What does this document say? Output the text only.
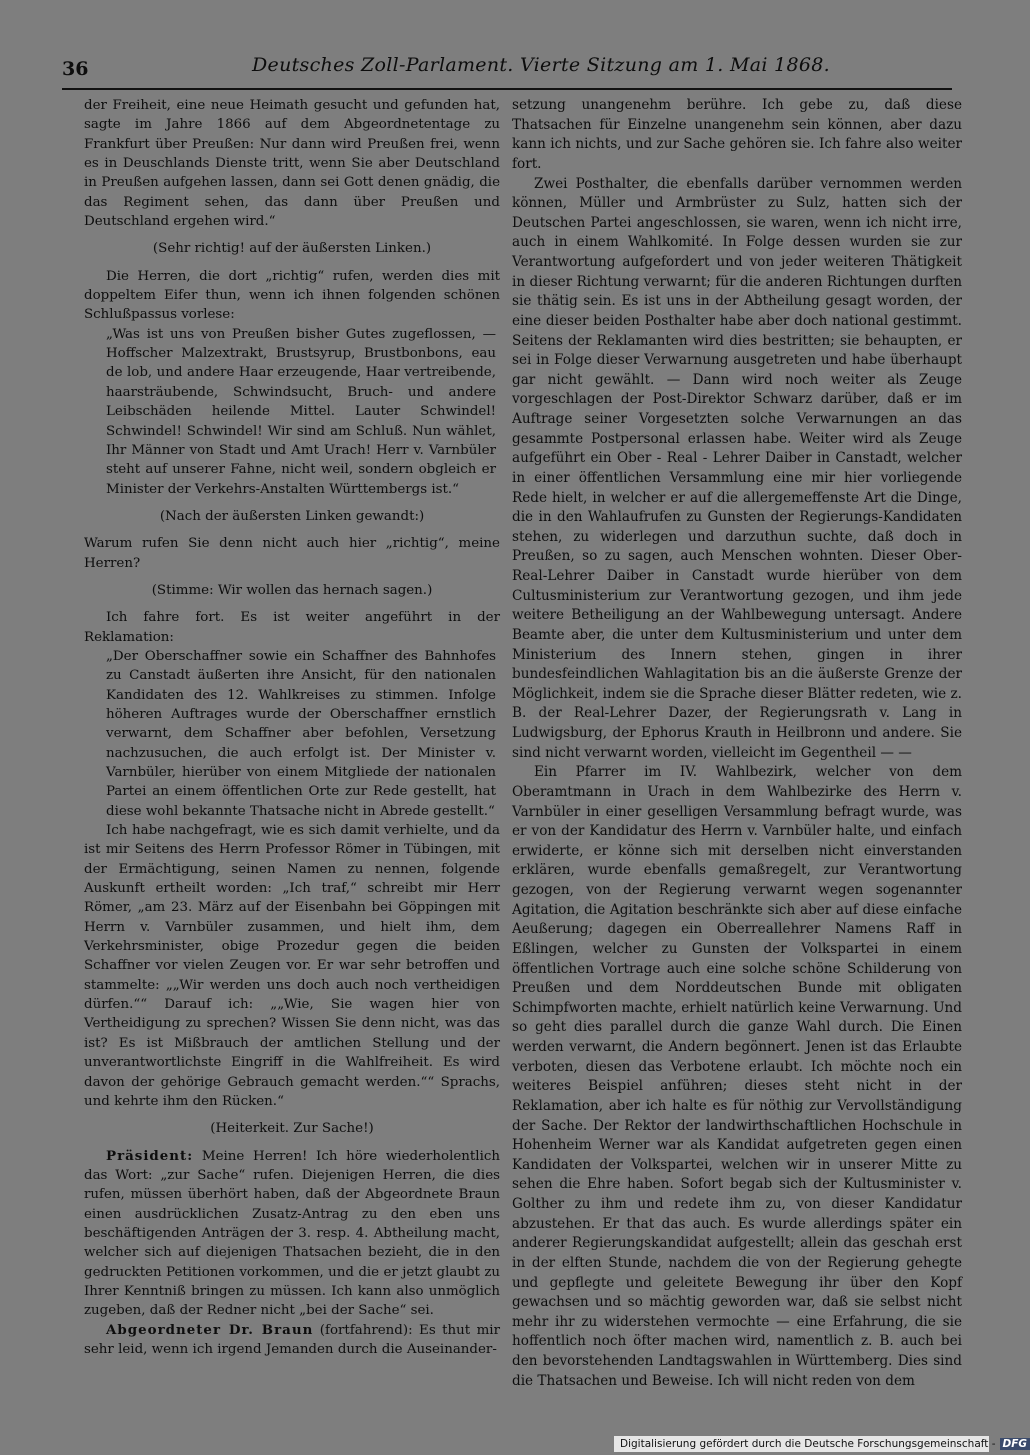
36	Deutsches Zoll-Parlament. Vierte Sitzung am 1. Mai 1868.

der Freiheit, eine neue Heimath gesucht und gefunden hat, sagte im Jahre 1866 auf dem Abgeordnetentage zu Frankfurt über Preußen: Nur dann wird Preußen frei, wenn es in Deuschlands Dienste tritt, wenn Sie aber Deutschland in Preußen aufgehen lassen, dann sei Gott denen gnädig, die das Regiment sehen, das dann über Preußen und Deutschland ergehen wird.“

(Sehr richtig! auf der äußersten Linken.)

Die Herren, die dort „richtig“ rufen, werden dies mit doppeltem Eifer thun, wenn ich ihnen folgenden schönen Schlußpassus vorlese:

„Was ist uns von Preußen bisher Gutes zugeflossen, — Hoffscher Malzextrakt, Brustsyrup, Brustbonbons, eau de lob, und andere Haar erzeugende, Haar vertreibende, haarsträubende, Schwindsucht, Bruch- und andere Leibschäden heilende Mittel. Lauter Schwindel! Schwindel! Schwindel! Wir sind am Schluß. Nun wählet, Ihr Männer von Stadt und Amt Urach! Herr v. Varnbüler steht auf unserer Fahne, nicht weil, sondern obgleich er Minister der Verkehrs-Anstalten Württembergs ist.“

(Nach der äußersten Linken gewandt:)

Warum rufen Sie denn nicht auch hier „richtig“, meine Herren?

(Stimme: Wir wollen das hernach sagen.)

Ich fahre fort. Es ist weiter angeführt in der Reklamation:

„Der Oberschaffner sowie ein Schaffner des Bahnhofes zu Canstadt äußerten ihre Ansicht, für den nationalen Kandidaten des 12. Wahlkreises zu stimmen. Infolge höheren Auftrages wurde der Oberschaffner ernstlich verwarnt, dem Schaffner aber befohlen, Versetzung nachzusuchen, die auch erfolgt ist. Der Minister v. Varnbüler, hierüber von einem Mitgliede der nationalen Partei an einem öffentlichen Orte zur Rede gestellt, hat diese wohl bekannte Thatsache nicht in Abrede gestellt.“

Ich habe nachgefragt, wie es sich damit verhielte, und da ist mir Seitens des Herrn Professor Römer in Tübingen, mit der Ermächtigung, seinen Namen zu nennen, folgende Auskunft ertheilt worden: „Ich traf,“ schreibt mir Herr Römer, „am 23. März auf der Eisenbahn bei Göppingen mit Herrn v. Varnbüler zusammen, und hielt ihm, dem Verkehrsminister, obige Prozedur gegen die beiden Schaffner vor vielen Zeugen vor. Er war sehr betroffen und stammelte: „„Wir werden uns doch auch noch vertheidigen dürfen.““ Darauf ich: „„Wie, Sie wagen hier von Vertheidigung zu sprechen? Wissen Sie denn nicht, was das ist? Es ist Mißbrauch der amtlichen Stellung und der unverantwortlichste Eingriff in die Wahlfreiheit. Es wird davon der gehörige Gebrauch gemacht werden.““ Sprachs, und kehrte ihm den Rücken.“

(Heiterkeit. Zur Sache!)

Präsident: Meine Herren! Ich höre wiederholentlich das Wort: „zur Sache“ rufen. Diejenigen Herren, die dies rufen, müssen überhört haben, daß der Abgeordnete Braun einen ausdrücklichen Zusatz-Antrag zu den eben uns beschäftigenden Anträgen der 3. resp. 4. Abtheilung macht, welcher sich auf diejenigen Thatsachen bezieht, die in den gedruckten Petitionen vorkommen, und die er jetzt glaubt zu Ihrer Kenntniß bringen zu müssen. Ich kann also unmöglich zugeben, daß der Redner nicht „bei der Sache“ sei.

Abgeordneter Dr. Braun (fortfahrend): Es thut mir sehr leid, wenn ich irgend Jemanden durch die Auseinander-

setzung unangenehm berühre. Ich gebe zu, daß diese Thatsachen für Einzelne unangenehm sein können, aber dazu kann ich nichts, und zur Sache gehören sie. Ich fahre also weiter fort.

Zwei Posthalter, die ebenfalls darüber vernommen werden können, Müller und Armbrüster zu Sulz, hatten sich der Deutschen Partei angeschlossen, sie waren, wenn ich nicht irre, auch in einem Wahlkomité. In Folge dessen wurden sie zur Verantwortung aufgefordert und von jeder weiteren Thätigkeit in dieser Richtung verwarnt; für die anderen Richtungen durften sie thätig sein. Es ist uns in der Abtheilung gesagt worden, der eine dieser beiden Posthalter habe aber doch national gestimmt. Seitens der Reklamanten wird dies bestritten; sie behaupten, er sei in Folge dieser Verwarnung ausgetreten und habe überhaupt gar nicht gewählt. — Dann wird noch weiter als Zeuge vorgeschlagen der Post-Direktor Schwarz darüber, daß er im Auftrage seiner Vorgesetzten solche Verwarnungen an das gesammte Postpersonal erlassen habe. Weiter wird als Zeuge aufgeführt ein Ober - Real - Lehrer Daiber in Canstadt, welcher in einer öffentlichen Versammlung eine mir hier vorliegende Rede hielt, in welcher er auf die allergemeffenste Art die Dinge, die in den Wahlaufrufen zu Gunsten der Regierungs-Kandidaten stehen, zu widerlegen und darzuthun suchte, daß doch in Preußen, so zu sagen, auch Menschen wohnten. Dieser Ober-Real-Lehrer Daiber in Canstadt wurde hierüber von dem Cultusministerium zur Verantwortung gezogen, und ihm jede weitere Betheiligung an der Wahlbewegung untersagt. Andere Beamte aber, die unter dem Kultusministerium und unter dem Ministerium des Innern stehen, gingen in ihrer bundesfeindlichen Wahlagitation bis an die äußerste Grenze der Möglichkeit, indem sie die Sprache dieser Blätter redeten, wie z. B. der Real-Lehrer Dazer, der Regierungsrath v. Lang in Ludwigsburg, der Ephorus Krauth in Heilbronn und andere. Sie sind nicht verwarnt worden, vielleicht im Gegentheil — —

Ein Pfarrer im IV. Wahlbezirk, welcher von dem Oberamtmann in Urach in dem Wahlbezirke des Herrn v. Varnbüler in einer geselligen Versammlung befragt wurde, was er von der Kandidatur des Herrn v. Varnbüler halte, und einfach erwiderte, er könne sich mit derselben nicht einverstanden erklären, wurde ebenfalls gemaßregelt, zur Verantwortung gezogen, von der Regierung verwarnt wegen sogenannter Agitation, die Agitation beschränkte sich aber auf diese einfache Aeußerung; dagegen ein Oberreallehrer Namens Raff in Eßlingen, welcher zu Gunsten der Volkspartei in einem öffentlichen Vortrage auch eine solche schöne Schilderung von Preußen und dem Norddeutschen Bunde mit obligaten Schimpfworten machte, erhielt natürlich keine Verwarnung. Und so geht dies parallel durch die ganze Wahl durch. Die Einen werden verwarnt, die Andern begönnert. Jenen ist das Erlaubte verboten, diesen das Verbotene erlaubt. Ich möchte noch ein weiteres Beispiel anführen; dieses steht nicht in der Reklamation, aber ich halte es für nöthig zur Vervollständigung der Sache. Der Rektor der landwirthschaftlichen Hochschule in Hohenheim Werner war als Kandidat aufgetreten gegen einen Kandidaten der Volkspartei, welchen wir in unserer Mitte zu sehen die Ehre haben. Sofort begab sich der Kultusminister v. Golther zu ihm und redete ihm zu, von dieser Kandidatur abzustehen. Er that das auch. Es wurde allerdings später ein anderer Regierungskandidat aufgestellt; allein das geschah erst in der elften Stunde, nachdem die von der Regierung gehegte und gepflegte und geleitete Bewegung ihr über den Kopf gewachsen und so mächtig geworden war, daß sie selbst nicht mehr ihr zu widerstehen vermochte — eine Erfahrung, die sie hoffentlich noch öfter machen wird, namentlich z. B. auch bei den bevorstehenden Landtagswahlen in Württemberg. Dies sind die Thatsachen und Beweise. Ich will nicht reden von dem

Digitalisierung gefördert durch die Deutsche Forschungsgemeinschaft - DFG
